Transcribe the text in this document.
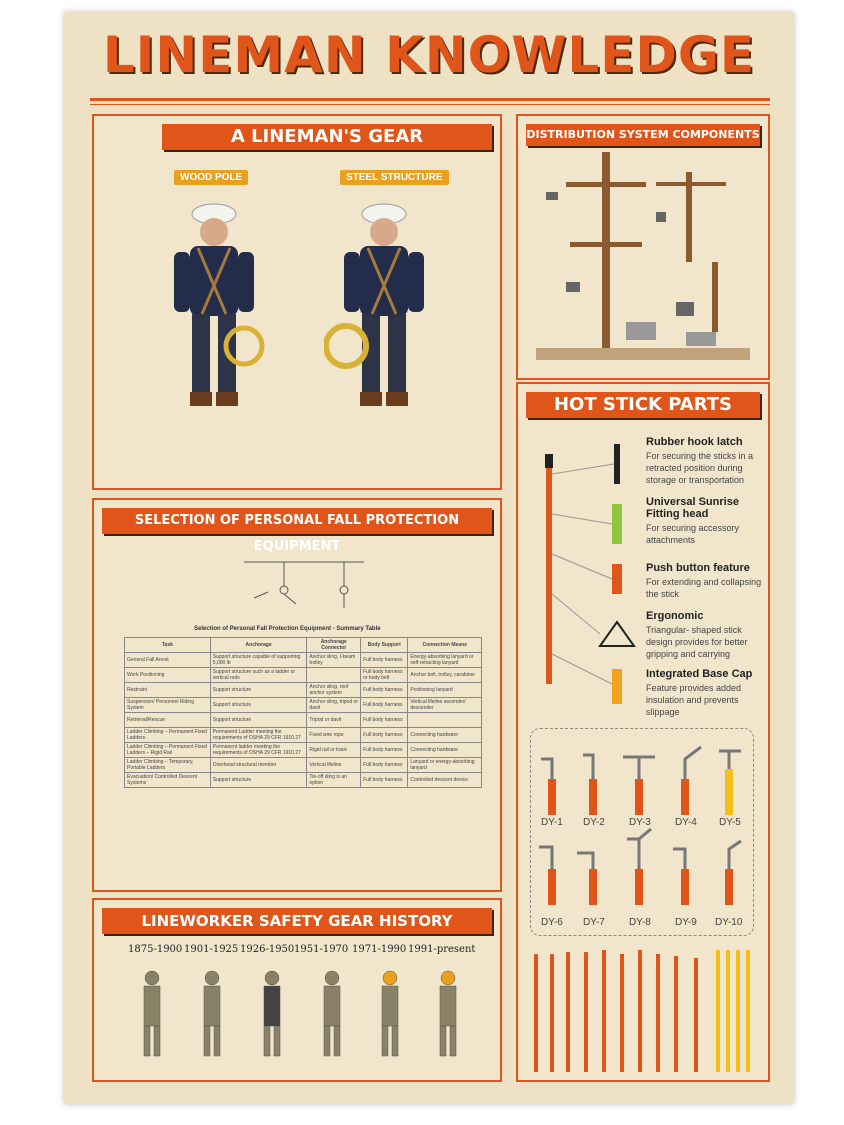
LINEMAN KNOWLEDGE
A LINEMAN'S GEAR
WOOD POLE	STEEL STRUCTURE
SELECTION OF PERSONAL FALL PROTECTION EQUIPMENT
Selection of Personal Fall Protection Equipment - Summary Table
Task	Anchorage	Anchorage Connector	Body Support	Connection Means
General Fall Arrest	Support structure capable of supporting 5,000 lb	Anchor sling, I-beam trolley	Full body harness	Energy-absorbing lanyard or self-retracting lanyard
Work Positioning	Support structure such as a ladder or vertical rods		Full body harness or body belt	Anchor bolt, trolley, carabiner
Restraint	Support structure	Anchor sling, roof anchor system	Full body harness	Positioning lanyard
Suspension/ Personnel Riding System	Support structure	Anchor sling, tripod or davit	Full body harness	Vertical lifeline ascender/ descender
Retrieval/Rescue	Support structure	Tripod or davit	Full body harness	
Ladder Climbing – Permanent Fixed Ladders	Permanent Ladder meeting the requirements of OSHA 29 CFR 1910.27	Fixed wire rope	Full body harness	Connecting hardware
Ladder Climbing – Permanent Fixed Ladders – Rigid Rail	Permanent ladder meeting the requirements of OSHA 29 CFR 1910.27	Rigid rail or track	Full body harness	Connecting hardware
Ladder Climbing – Temporary, Portable Ladders	Overhead structural member	Vertical lifeline	Full body harness	Lanyard or energy-absorbing lanyard
Evacuation/ Controlled Descent Systems	Support structure	Tie-off sling is an option	Full body harness	Controlled descent device
LINEWORKER SAFETY GEAR HISTORY
1875-1900 1901-1925 1926-1950 1951-1970 1971-1990 1991-present
DISTRIBUTION SYSTEM COMPONENTS
HOT STICK PARTS
Rubber hook latch
For securing the sticks in a retracted position during storage or transportation
Universal Sunrise Fitting head
For securing accessory attachments
Push button feature
For extending and collapsing the stick
Ergonomic
Triangular- shaped stick design provides for better gripping and carrying
Integrated Base Cap
Feature provides added insulation and prevents slippage
DY-1 DY-2 DY-3 DY-4 DY-5
DY-6 DY-7 DY-8 DY-9 DY-10
